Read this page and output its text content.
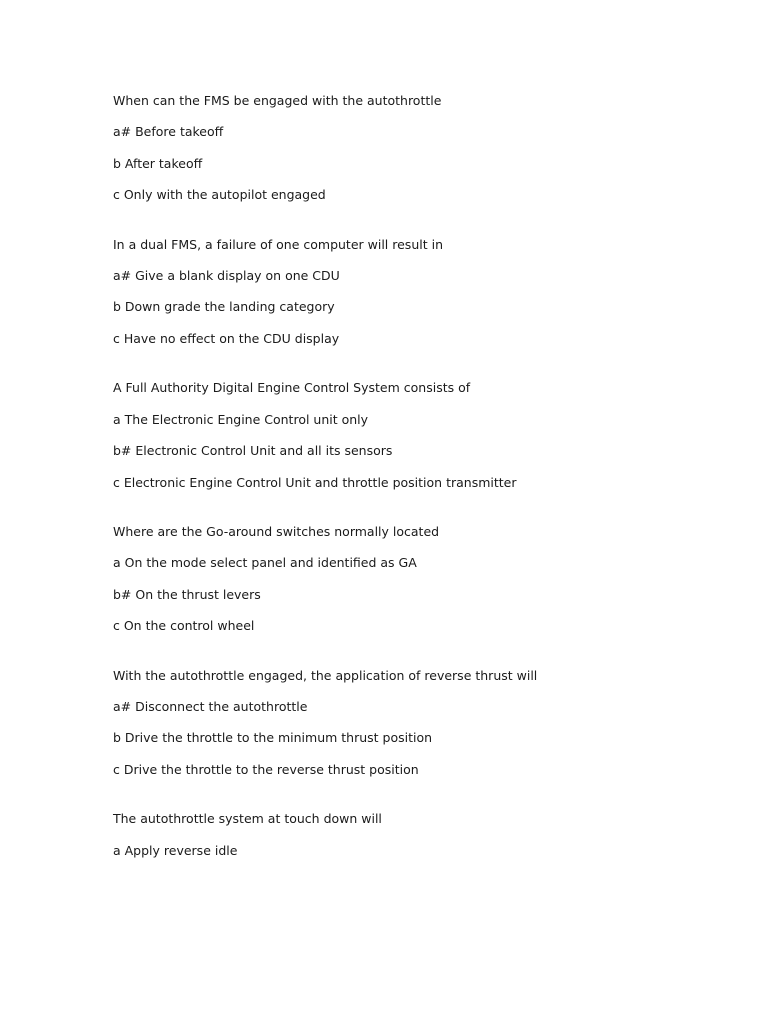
When can the FMS be engaged with the autothrottle
a# Before takeoff
b After takeoff
c Only with the autopilot engaged
In a dual FMS, a failure of one computer will result in
a# Give a blank display on one CDU
b Down grade the landing category
c Have no effect on the CDU display
A Full Authority Digital Engine Control System consists of
a The Electronic Engine Control unit only
b# Electronic Control Unit and all its sensors
c Electronic Engine Control Unit and throttle position transmitter
Where are the Go-around switches normally located
a On the mode select panel and identified as GA
b# On the thrust levers
c On the control wheel
With the autothrottle engaged, the application of reverse thrust will
a# Disconnect the autothrottle
b Drive the throttle to the minimum thrust position
c Drive the throttle to the reverse thrust position
The autothrottle system at touch down will
a Apply reverse idle
